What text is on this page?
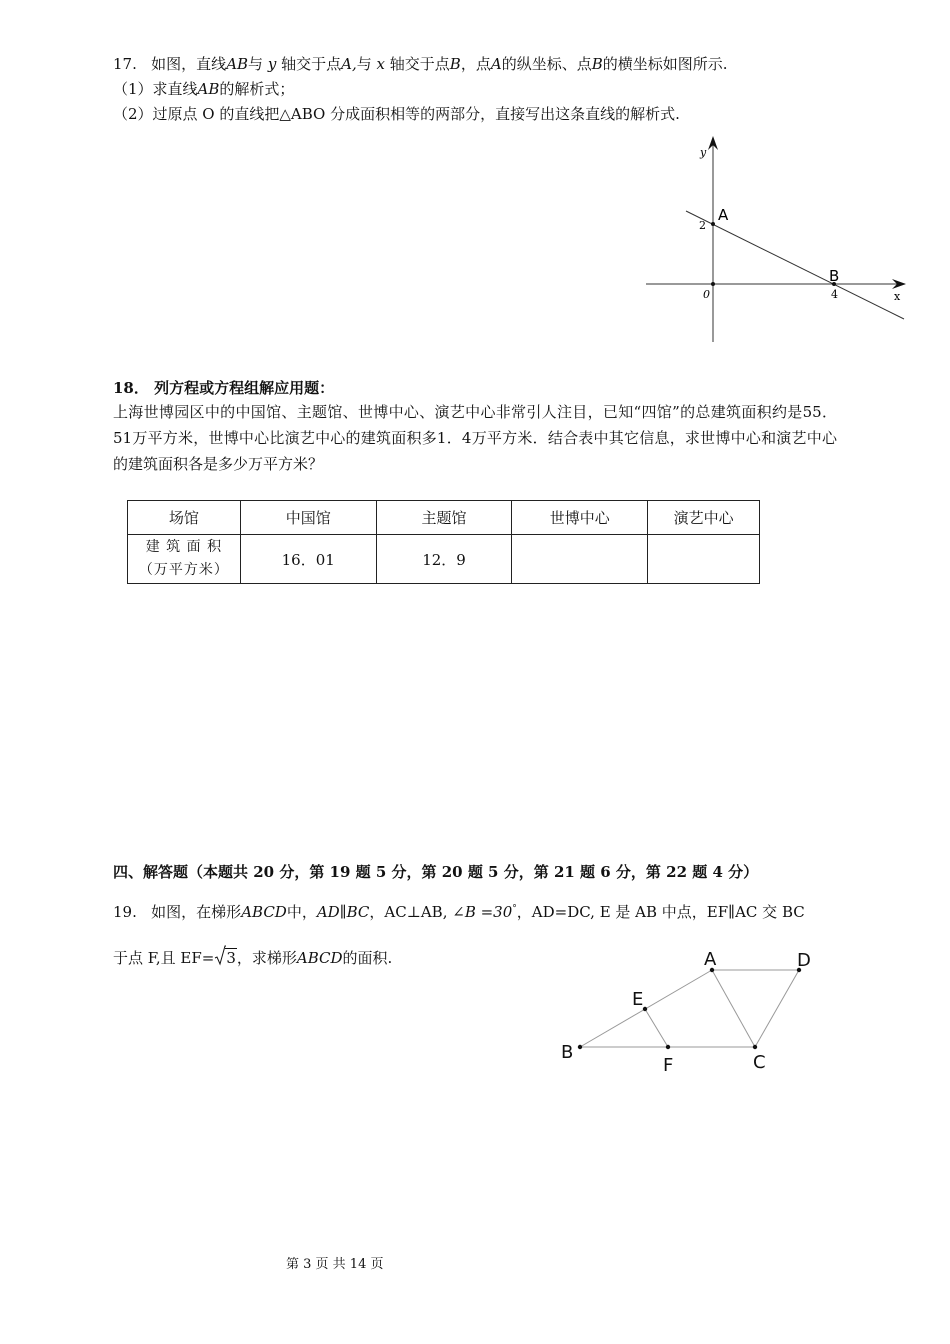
17. 如图，直线AB与 y 轴交于点A,与 x 轴交于点B，点A的纵坐标、点B的横坐标如图所示.
（1）求直线AB的解析式；
（2）过原点 O 的直线把△ABO 分成面积相等的两部分，直接写出这条直线的解析式.
y
x
A
B
0
2
4
18． 列方程或方程组解应用题：
上海世博园区中的中国馆、主题馆、世博中心、演艺中心非常引人注目，已知“四馆”的总建筑面积约是55．51万平方米，世博中心比演艺中心的建筑面积多1．4万平方米．结合表中其它信息，求世博中心和演艺中心的建筑面积各是多少万平方米？
场馆	中国馆	主题馆	世博中心	演艺中心

建 筑 面 积
（万平方米）	16．01	12．9		
四、解答题（本题共 20 分，第 19 题 5 分，第 20 题 5 分，第 21 题 6 分，第 22 题 4 分）
19. 如图，在梯形ABCD中，AD∥BC，AC⊥AB, ∠B =30°，AD=DC, E 是 AB 中点，EF∥AC 交 BC
于点 F,且 EF= 3，求梯形ABCD的面积.	A	D
E
B
F	C
第 3 页 共 14 页
